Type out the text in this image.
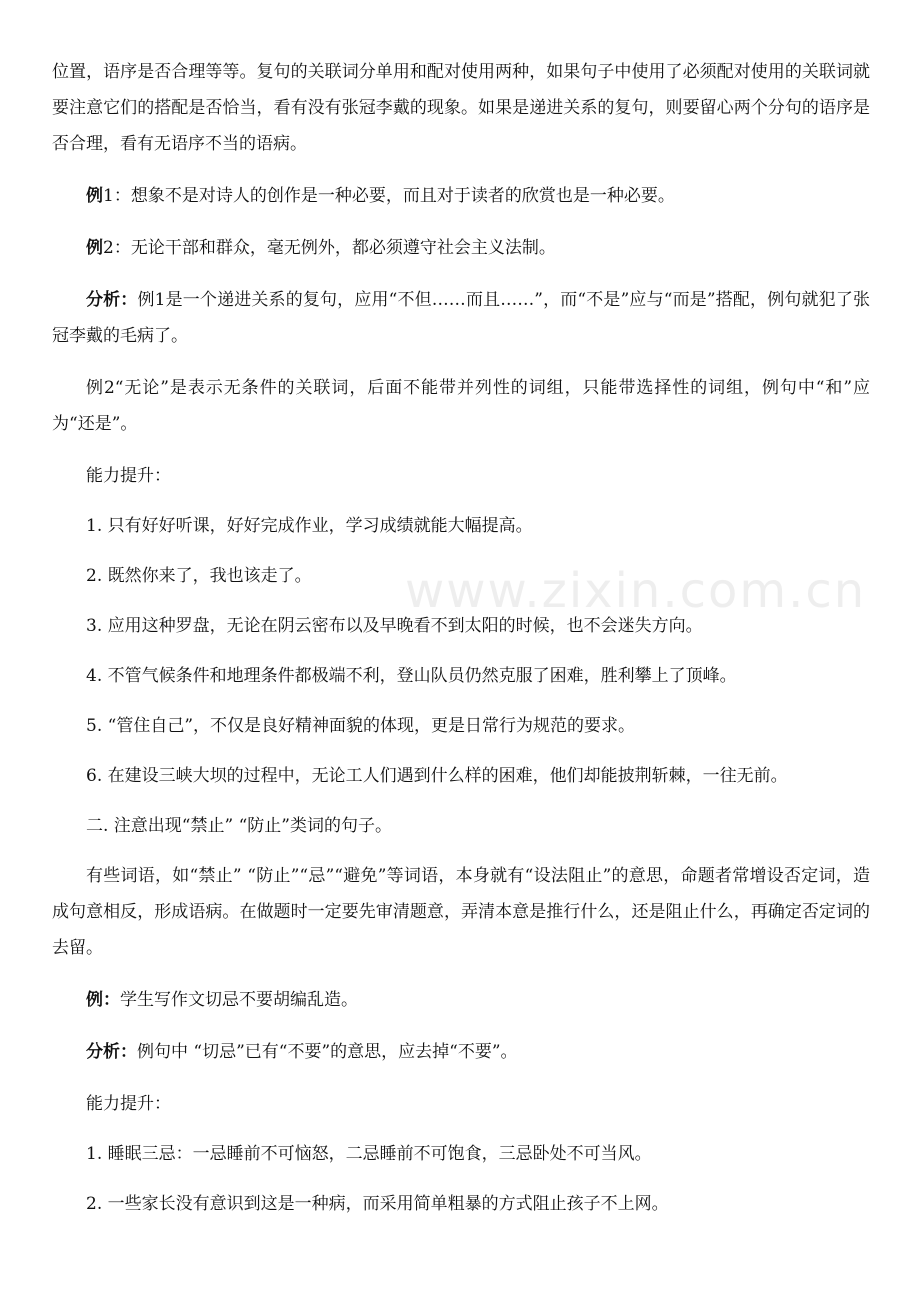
www.zixin.com.cn

位置，语序是否合理等等。复句的关联词分单用和配对使用两种，如果句子中使用了必须配对使用的关联词就要注意它们的搭配是否恰当，看有没有张冠李戴的现象。如果是递进关系的复句，则要留心两个分句的语序是否合理，看有无语序不当的语病。

例1：想象不是对诗人的创作是一种必要，而且对于读者的欣赏也是一种必要。

例2：无论干部和群众，毫无例外，都必须遵守社会主义法制。

分析：例1是一个递进关系的复句，应用“不但……而且……”，而“不是”应与“而是”搭配，例句就犯了张冠李戴的毛病了。

例2“无论”是表示无条件的关联词，后面不能带并列性的词组，只能带选择性的词组，例句中“和”应为“还是”。

能力提升：

1. 只有好好听课，好好完成作业，学习成绩就能大幅提高。

2. 既然你来了，我也该走了。

3. 应用这种罗盘，无论在阴云密布以及早晚看不到太阳的时候，也不会迷失方向。

4. 不管气候条件和地理条件都极端不利，登山队员仍然克服了困难，胜利攀上了顶峰。

5. “管住自己”，不仅是良好精神面貌的体现，更是日常行为规范的要求。

6. 在建设三峡大坝的过程中，无论工人们遇到什么样的困难，他们却能披荆斩棘，一往无前。

二. 注意出现“禁止” “防止”类词的句子。

有些词语，如“禁止” “防止”“忌”“避免”等词语，本身就有“设法阻止”的意思，命题者常增设否定词，造成句意相反，形成语病。在做题时一定要先审清题意，弄清本意是推行什么，还是阻止什么，再确定否定词的去留。

例：学生写作文切忌不要胡编乱造。

分析：例句中 “切忌”已有“不要”的意思，应去掉“不要”。

能力提升：

1. 睡眠三忌：一忌睡前不可恼怒，二忌睡前不可饱食，三忌卧处不可当风。

2. 一些家长没有意识到这是一种病，而采用简单粗暴的方式阻止孩子不上网。
